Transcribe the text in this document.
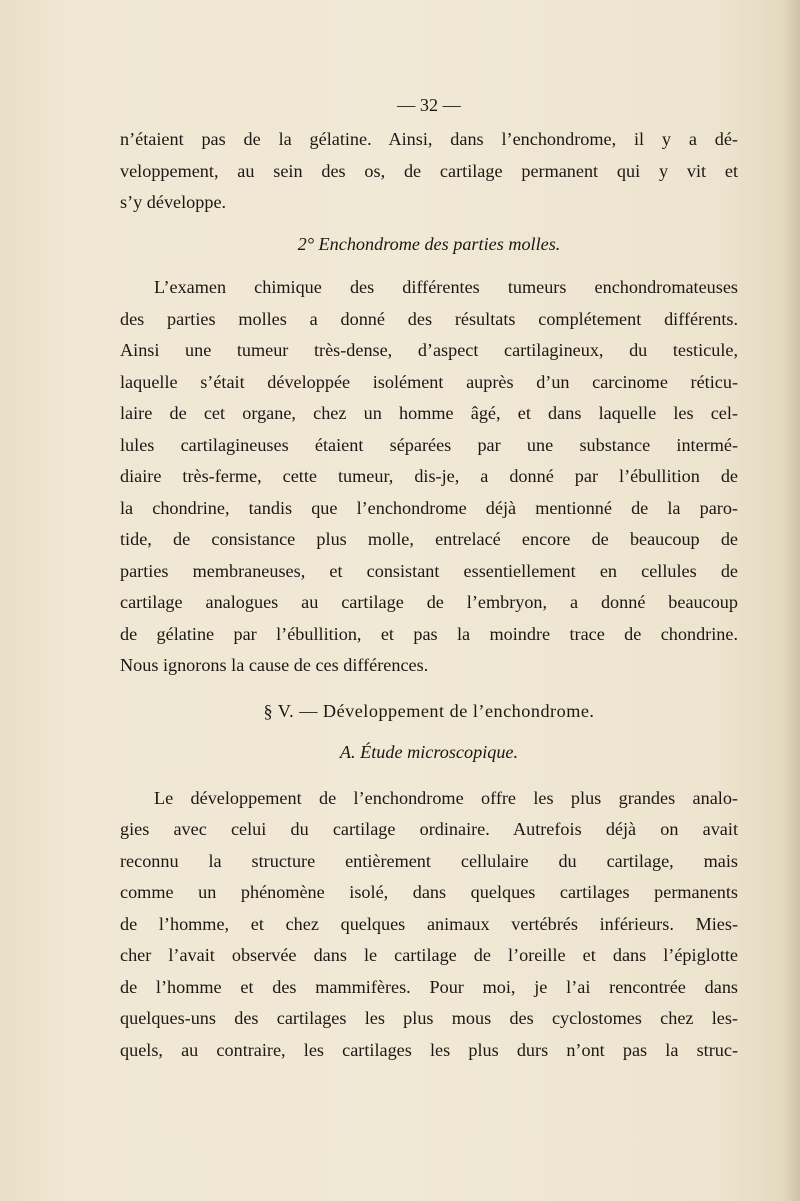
— 32 —
n’étaient pas de la gélatine. Ainsi, dans l’enchondrome, il y a dé-
veloppement, au sein des os, de cartilage permanent qui y vit et
s’y développe.
2° Enchondrome des parties molles.
L’examen chimique des différentes tumeurs enchondromateuses
des parties molles a donné des résultats complétement différents.
Ainsi une tumeur très-dense, d’aspect cartilagineux, du testicule,
laquelle s’était développée isolément auprès d’un carcinome réticu-
laire de cet organe, chez un homme âgé, et dans laquelle les cel-
lules cartilagineuses étaient séparées par une substance intermé-
diaire très-ferme, cette tumeur, dis-je, a donné par l’ébullition de
la chondrine, tandis que l’enchondrome déjà mentionné de la paro-
tide, de consistance plus molle, entrelacé encore de beaucoup de
parties membraneuses, et consistant essentiellement en cellules de
cartilage analogues au cartilage de l’embryon, a donné beaucoup
de gélatine par l’ébullition, et pas la moindre trace de chondrine.
Nous ignorons la cause de ces différences.
§ V. — Développement de l’enchondrome.
A. Étude microscopique.
Le développement de l’enchondrome offre les plus grandes analo-
gies avec celui du cartilage ordinaire. Autrefois déjà on avait
reconnu la structure entièrement cellulaire du cartilage, mais
comme un phénomène isolé, dans quelques cartilages permanents
de l’homme, et chez quelques animaux vertébrés inférieurs. Mies-
cher l’avait observée dans le cartilage de l’oreille et dans l’épiglotte
de l’homme et des mammifères. Pour moi, je l’ai rencontrée dans
quelques-uns des cartilages les plus mous des cyclostomes chez les-
quels, au contraire, les cartilages les plus durs n’ont pas la struc-
